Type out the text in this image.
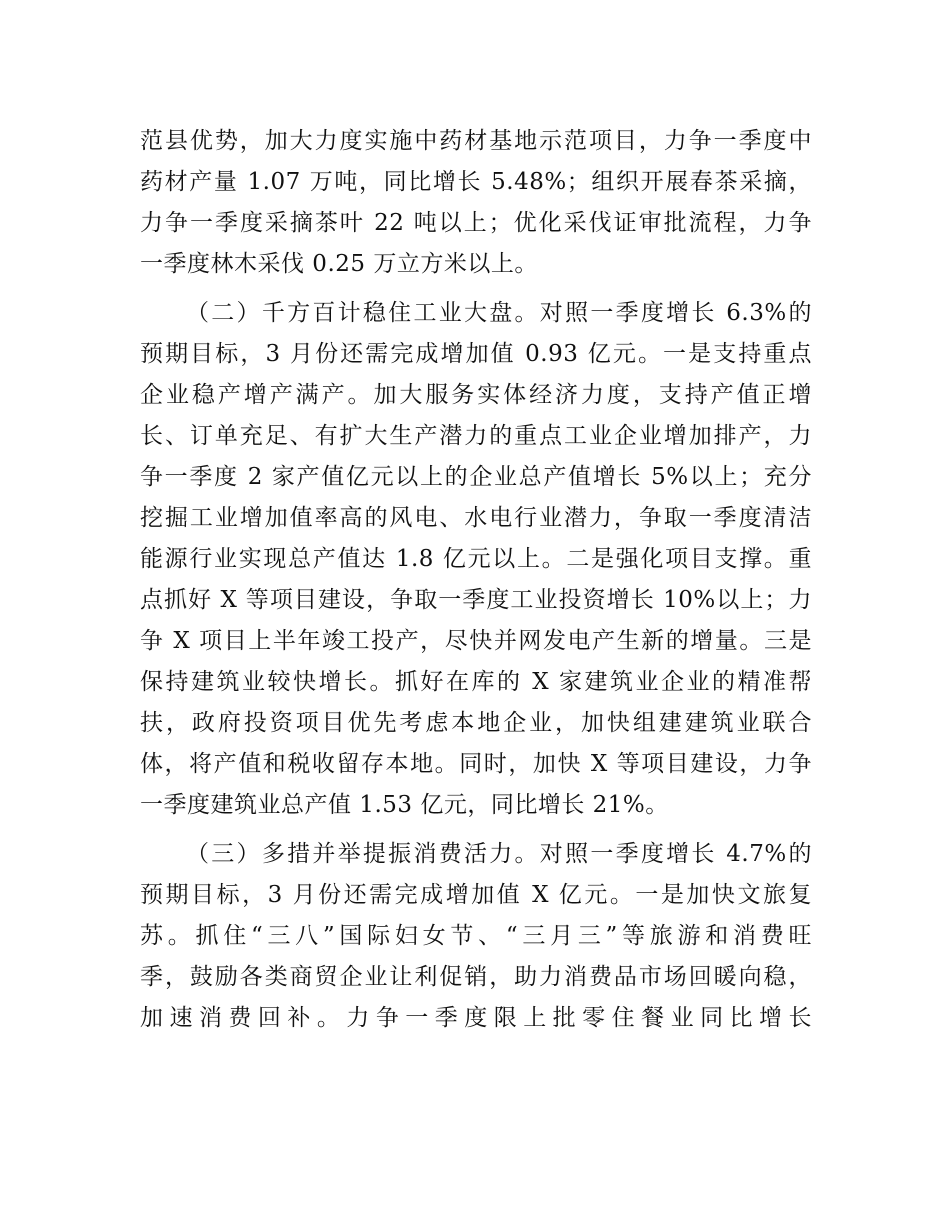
范县优势，加大力度实施中药材基地示范项目，力争一季度中
药材产量 1.07 万吨，同比增长 5.48%；组织开展春茶采摘，
力争一季度采摘茶叶 22 吨以上；优化采伐证审批流程，力争
一季度林木采伐 0.25 万立方米以上。
（二）千方百计稳住工业大盘。对照一季度增长 6.3%的
预期目标，3 月份还需完成增加值 0.93 亿元。一是支持重点
企业稳产增产满产。加大服务实体经济力度，支持产值正增
长、订单充足、有扩大生产潜力的重点工业企业增加排产，力
争一季度 2 家产值亿元以上的企业总产值增长 5%以上；充分
挖掘工业增加值率高的风电、水电行业潜力，争取一季度清洁
能源行业实现总产值达 1.8 亿元以上。二是强化项目支撑。重
点抓好 X 等项目建设，争取一季度工业投资增长 10%以上；力
争 X 项目上半年竣工投产，尽快并网发电产生新的增量。三是
保持建筑业较快增长。抓好在库的 X 家建筑业企业的精准帮
扶，政府投资项目优先考虑本地企业，加快组建建筑业联合
体，将产值和税收留存本地。同时，加快 X 等项目建设，力争
一季度建筑业总产值 1.53 亿元，同比增长 21%。
（三）多措并举提振消费活力。对照一季度增长 4.7%的
预期目标，3 月份还需完成增加值 X 亿元。一是加快文旅复
苏。抓住“三八”国际妇女节、“三月三”等旅游和消费旺
季，鼓励各类商贸企业让利促销，助力消费品市场回暖向稳，
加速消费回补。力争一季度限上批零住餐业同比增长
